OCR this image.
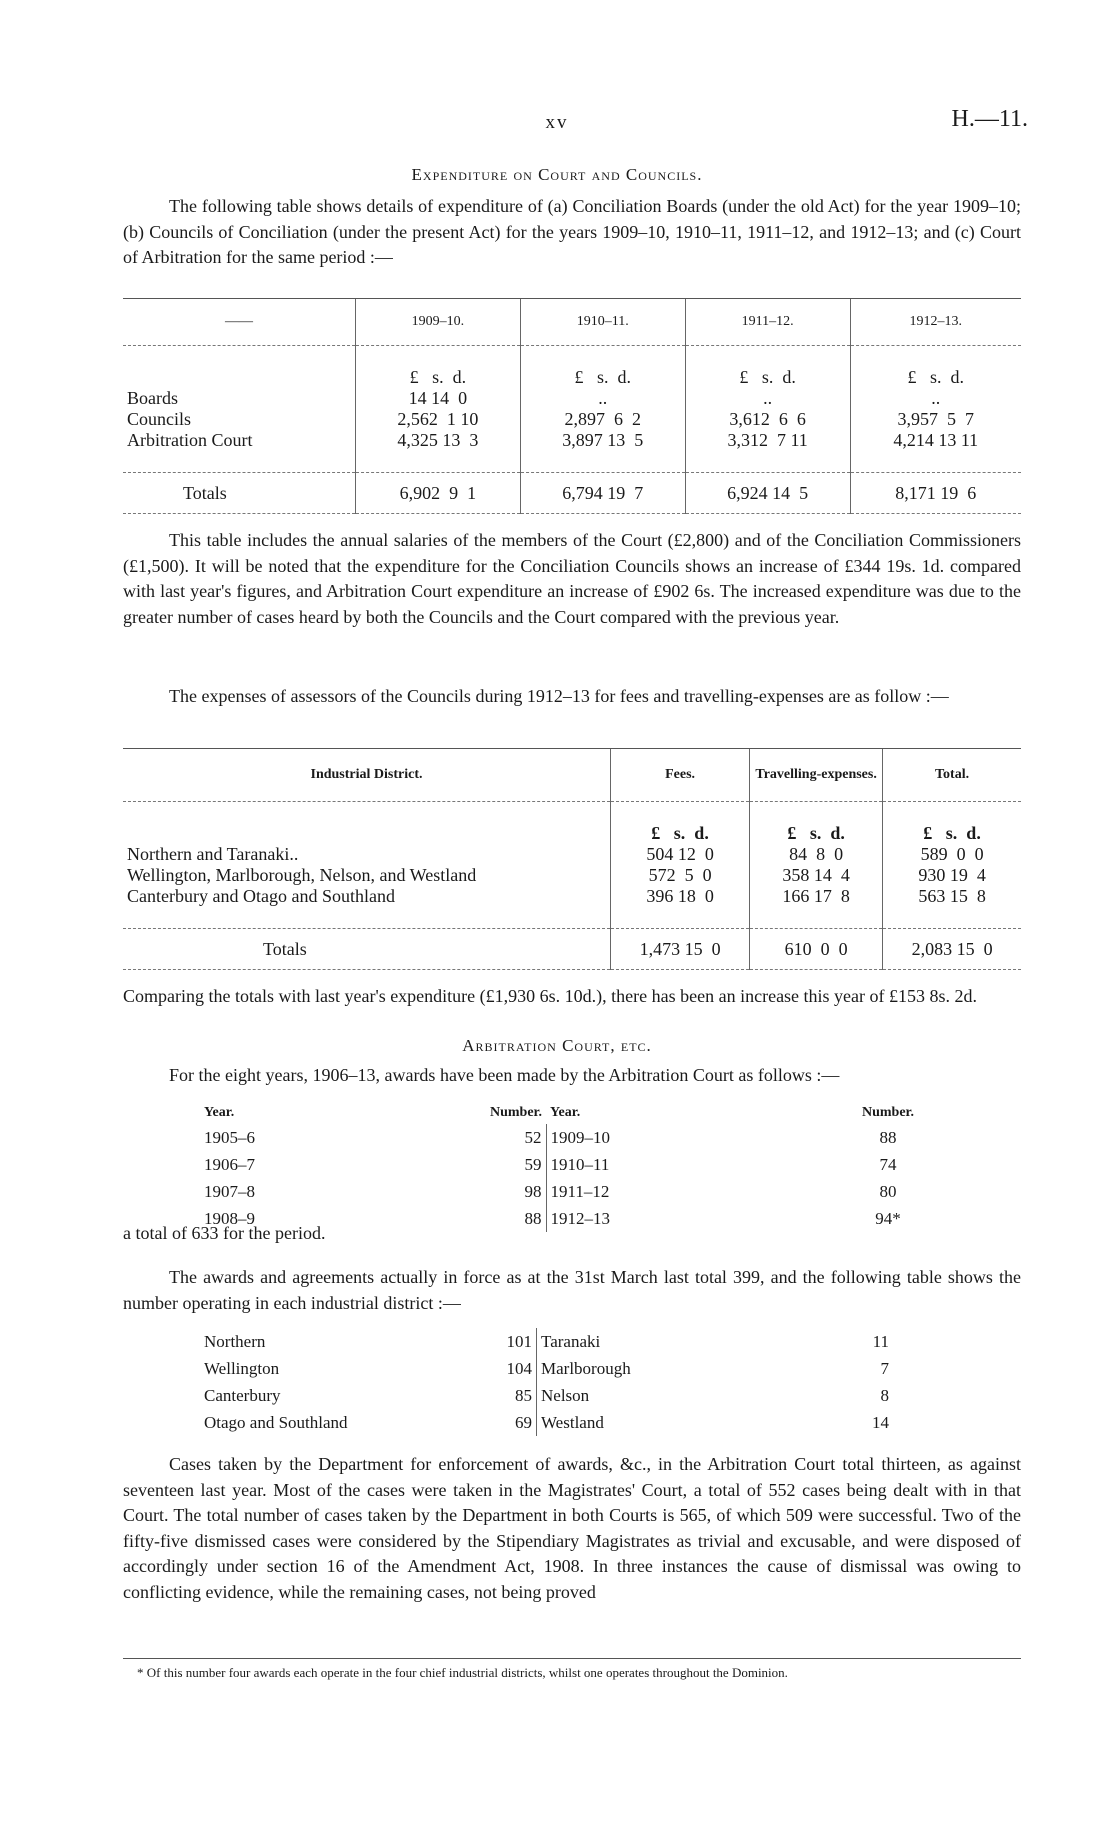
xv	H.—11.
Expenditure on Court and Councils.
The following table shows details of expenditure of (a) Conciliation Boards (under the old Act) for the year 1909–10; (b) Councils of Conciliation (under the present Act) for the years 1909–10, 1910–11, 1911–12, and 1912–13; and (c) Court of Arbitration for the same period :—
——	1909–10.	1910–11.	1911–12.	1912–13.

	£   s.  d.	£   s.  d.	£   s.  d.	£   s.  d.
Boards	14 14  0	..	..	..
Councils	2,562  1 10	2,897  6  2	3,612  6  6	3,957  5  7
Arbitration Court	4,325 13  3	3,897 13  5	3,312  7 11	4,214 13 11

Totals	6,902  9  1	6,794 19  7	6,924 14  5	8,171 19  6
This table includes the annual salaries of the members of the Court (£2,800) and of the Conciliation Commissioners (£1,500). It will be noted that the expenditure for the Conciliation Councils shows an increase of £344 19s. 1d. compared with last year's figures, and Arbitration Court expenditure an increase of £902 6s. The increased expenditure was due to the greater number of cases heard by both the Councils and the Court compared with the previous year.
The expenses of assessors of the Councils during 1912–13 for fees and travelling-expenses are as follow :—
Industrial District.	Fees.	Travelling-expenses.	Total.

	£   s.  d.	£   s.  d.	£   s.  d.
Northern and Taranaki..	504 12  0	84  8  0	589  0  0
Wellington, Marlborough, Nelson, and Westland	572  5  0	358 14  4	930 19  4
Canterbury and Otago and Southland	396 18  0	166 17  8	563 15  8

Totals	1,473 15  0	610  0  0	2,083 15  0
Comparing the totals with last year's expenditure (£1,930 6s. 10d.), there has been an increase this year of £153 8s. 2d.
Arbitration Court, etc.
For the eight years, 1906–13, awards have been made by the Arbitration Court as follows :—
Year.	Number.	Year.	Number.
1905–6	52	1909–10	88
1906–7	59	1910–11	74
1907–8	98	1911–12	80
1908–9	88	1912–13	94*
a total of 633 for the period.
The awards and agreements actually in force as at the 31st March last total 399, and the following table shows the number operating in each industrial district :—
Northern	101	Taranaki	11
Wellington	104	Marlborough	7
Canterbury	85	Nelson	8
Otago and Southland	69	Westland	14
Cases taken by the Department for enforcement of awards, &c., in the Arbitration Court total thirteen, as against seventeen last year. Most of the cases were taken in the Magistrates' Court, a total of 552 cases being dealt with in that Court. The total number of cases taken by the Department in both Courts is 565, of which 509 were successful. Two of the fifty-five dismissed cases were considered by the Stipendiary Magistrates as trivial and excusable, and were disposed of accordingly under section 16 of the Amendment Act, 1908. In three instances the cause of dismissal was owing to conflicting evidence, while the remaining cases, not being proved
* Of this number four awards each operate in the four chief industrial districts, whilst one operates throughout the Dominion.
